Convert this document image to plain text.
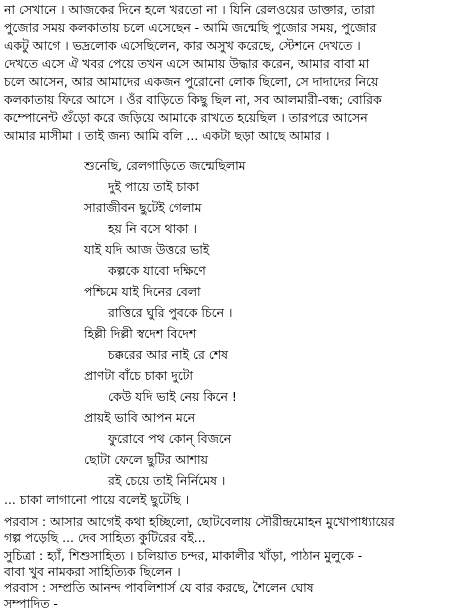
না সেখানে । আজকের দিনে হলে খরতো না । যিনি রেলওয়ের ডাক্তার, তারা
পুজোর সময় কলকাতায় চলে এসেছেন - আমি জন্মেছি পুজোর সময়, পুজোর
একটু আগে । ভদ্রলোক এসেছিলেন, কার অসুখ করেছে, স্টেশনে দেখতে ।
দেখতে এসে ঐ খবর পেয়ে তখন এসে আমায় উদ্ধার করেন, আমার বাবা মা
চলে আসেন, আর আমাদের একজন পুরোনো লোক ছিলো, সে দাদাদের নিয়ে
কলকাতায় ফিরে আসে । ওঁর বাড়িতে কিছু ছিল না, সব আলমারী-বন্ধ; বোরিক
কম্পোনেন্ট গুঁড়ো করে জড়িয়ে আমাকে রাখতে হয়েছিল । তারপরে আসেন
আমার মাসীমা । তাই জন্য আমি বলি ... একটা ছড়া আছে আমার ।
শুনেছি, রেলগাড়িতে জন্মেছিলাম
দুই পায়ে তাই চাকা
সারাজীবন ছুটেই গেলাম
হয় নি বসে থাকা ।
যাই যদি আজ উত্তরে ভাই
কল্পকে যাবো দক্ষিণে
পশ্চিমে যাই দিনের বেলা
রাত্তিরে ঘুরি পুবকে চিনে ।
হিল্লী দিল্লী স্বদেশ বিদেশ
চক্করের আর নাই রে শেষ
প্রাণটা বাঁচে চাকা দুটো
কেউ যদি ভাই নেয় কিনে !
প্রায়ই ভাবি আপন মনে
ফুরোবে পথ কোন্ বিজনে
ছোটা ফেলে ছুটির আশায়
রই চেয়ে তাই নির্নিমেষ ।
... চাকা লাগানো পায়ে বলেই ছুটেছি ।
পরবাস : আসার আগেই কথা হচ্ছিলো, ছোটবেলায় সৌরীন্দ্রমোহন মুখোপাধ্যায়ের
গল্প পড়েছি ... দেব সাহিত্য কুটিরের বই...
সুচিত্রা : হ্যাঁ, শিশুসাহিত্য । চলিয়াত চন্দর, মাকালীর খাঁড়া, পাঠান মুলুকে -
বাবা খুব নামকরা সাহিত্যিক ছিলেন ।
পরবাস : সম্প্রতি আনন্দ পাবলিশার্স যে বার করছে, শৈলেন ঘোষ
সম্পাদিত -
